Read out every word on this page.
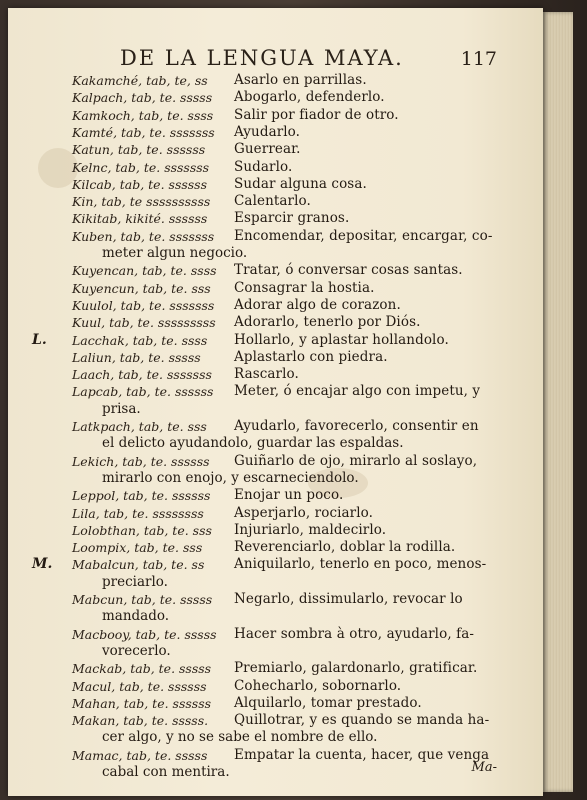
DE LA LENGUA MAYA.	117
Kakamché, tab, te, ss Asarlo en parrillas.
Kalpach, tab, te. sssss Abogarlo, defenderlo.
Kamkoch, tab, te. ssss Salir por fiador de otro.
Kamté, tab, te. sssssss Ayudarlo.
Katun, tab, te. ssssss Guerrear.
Kelnc, tab, te. sssssss Sudarlo.
Kilcab, tab, te. ssssss Sudar alguna cosa.
Kin, tab, te ssssssssss Calentarlo.
Kikitab, kikité. ssssss Esparcir granos.
Kuben, tab, te. sssssss Encomendar, depositar, encargar, co-
meter algun negocio.
Kuyencan, tab, te. ssss Tratar, ó conversar cosas santas.
Kuyencun, tab, te. sss Consagrar la hostia.
Kuulol, tab, te. sssssss Adorar algo de corazon.
Kuul, tab, te. sssssssss Adorarlo, tenerlo por Diós.
L. Lacchak, tab, te. ssss Hollarlo, y aplastar hollandolo.
Laliun, tab, te. sssss Aplastarlo con piedra.
Laach, tab, te. sssssss Rascarlo.
Lapcab, tab, te. ssssss Meter, ó encajar algo con impetu, y
prisa.
Latkpach, tab, te. sss Ayudarlo, favorecerlo, consentir en
el delicto ayudandolo, guardar las espaldas.
Lekich, tab, te. ssssss Guiñarlo de ojo, mirarlo al soslayo,
mirarlo con enojo, y escarneciendolo.
Leppol, tab, te. ssssss Enojar un poco.
Lila, tab, te. ssssssss Asperjarlo, rociarlo.
Lolobthan, tab, te. sss Injuriarlo, maldecirlo.
Loompix, tab, te. sss Reverenciarlo, doblar la rodilla.
M. Mabalcun, tab, te. ss Aniquilarlo, tenerlo en poco, menos-
preciarlo.
Mabcun, tab, te. sssss Negarlo, dissimularlo, revocar lo
mandado.
Macbooy, tab, te. sssss Hacer sombra à otro, ayudarlo, fa-
vorecerlo.
Mackab, tab, te. sssss Premiarlo, galardonarlo, gratificar.
Macul, tab, te. ssssss Cohecharlo, sobornarlo.
Mahan, tab, te. ssssss Alquilarlo, tomar prestado.
Makan, tab, te. sssss. Quillotrar, y es quando se manda ha-
cer algo, y no se sabe el nombre de ello.
Mamac, tab, te. sssss Empatar la cuenta, hacer, que venga
cabal con mentira.	Ma-
